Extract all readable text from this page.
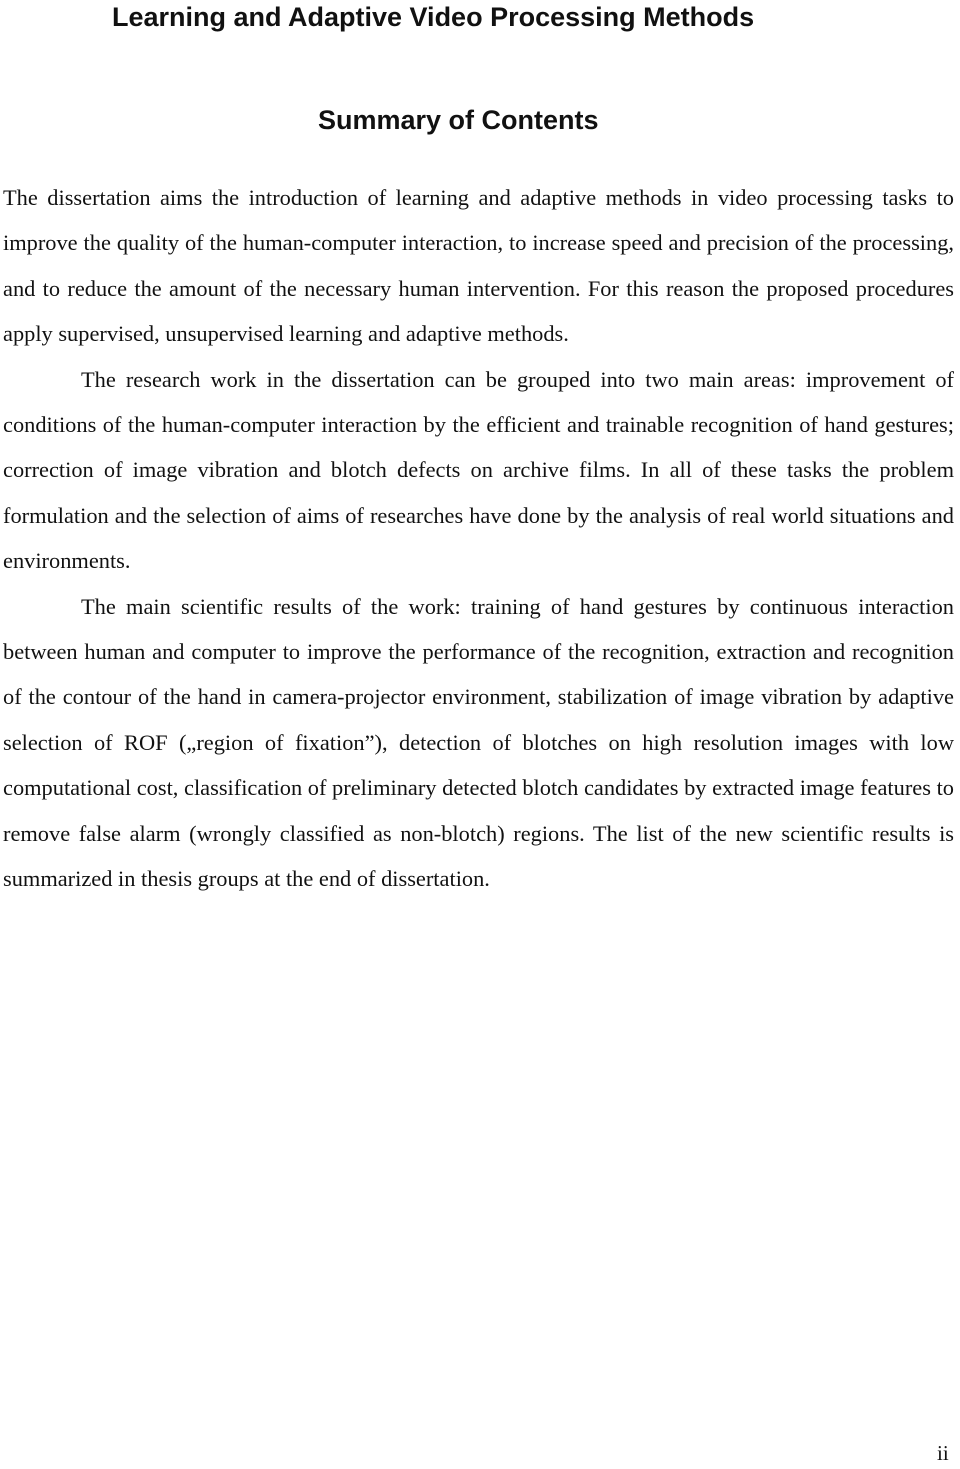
Learning and Adaptive Video Processing Methods
Summary of Contents

The dissertation aims the introduction of learning and adaptive methods in video processing tasks to improve the quality of the human-computer interaction, to increase speed and precision of the processing, and to reduce the amount of the necessary human intervention. For this reason the proposed procedures apply supervised, unsupervised learning and adaptive methods.

The research work in the dissertation can be grouped into two main areas: improvement of conditions of the human-computer interaction by the efficient and trainable recognition of hand gestures; correction of image vibration and blotch defects on archive films. In all of these tasks the problem formulation and the selection of aims of researches have done by the analysis of real world situations and environments.

The main scientific results of the work: training of hand gestures by continuous interaction between human and computer to improve the performance of the recognition, extraction and recognition of the contour of the hand in camera-projector environment, stabilization of image vibration by adaptive selection of ROF („region of fixation”), detection of blotches on high resolution images with low computational cost, classification of preliminary detected blotch candidates by extracted image features to remove false alarm (wrongly classified as non-blotch) regions. The list of the new scientific results is summarized in thesis groups at the end of dissertation.

ii
